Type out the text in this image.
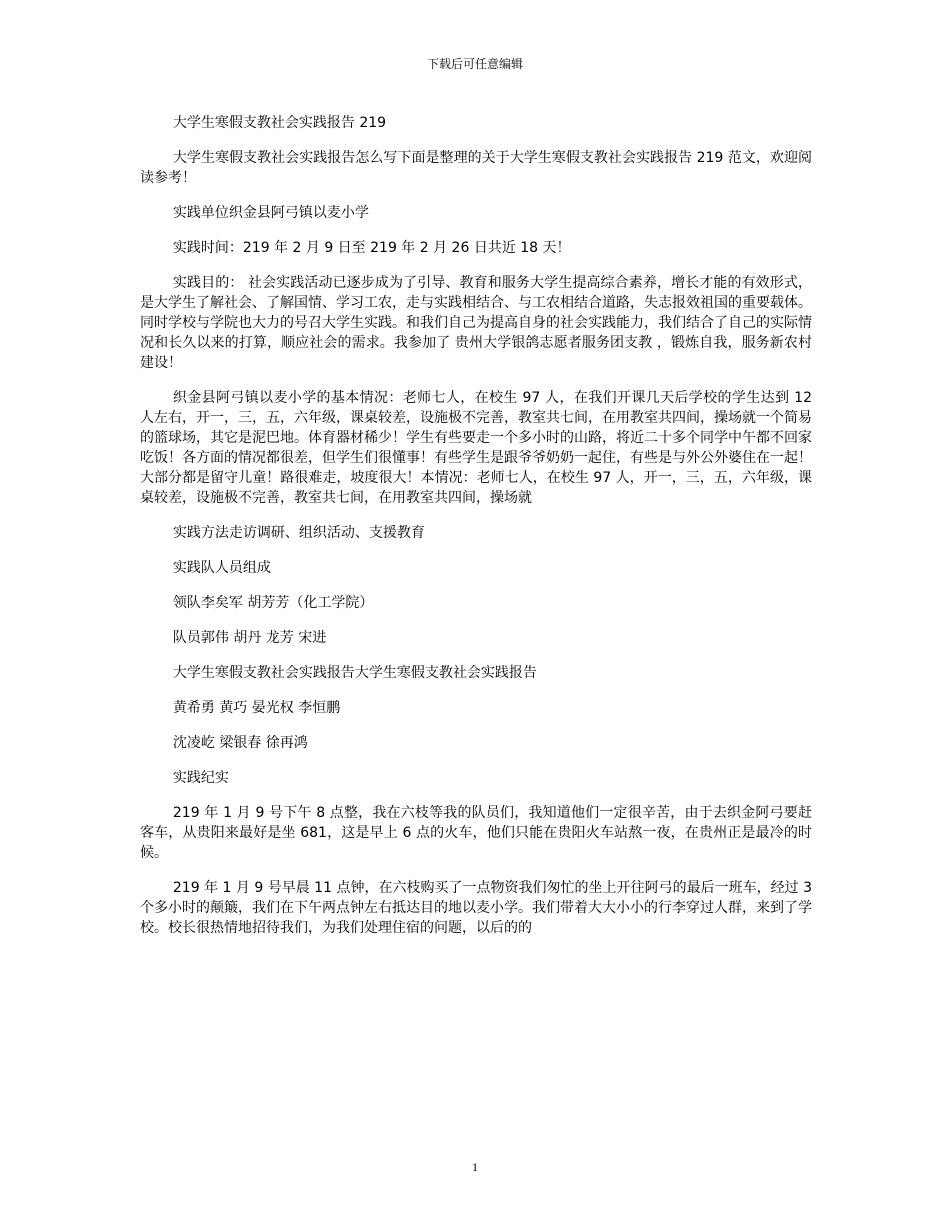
下载后可任意编辑

大学生寒假支教社会实践报告 219

大学生寒假支教社会实践报告怎么写下面是整理的关于大学生寒假支教社会实践报告 219 范文，欢迎阅读参考！

实践单位织金县阿弓镇以麦小学

实践时间：219 年 2 月 9 日至 219 年 2 月 26 日共近 18 天！

实践目的： 社会实践活动已逐步成为了引导、教育和服务大学生提高综合素养，增长才能的有效形式，是大学生了解社会、了解国情、学习工农，走与实践相结合、与工农相结合道路，失志报效祖国的重要载体。同时学校与学院也大力的号召大学生实践。和我们自己为提高自身的社会实践能力，我们结合了自己的实际情况和长久以来的打算，顺应社会的需求。我参加了 贵州大学银鸽志愿者服务团支教 ，锻炼自我，服务新农村建设！

织金县阿弓镇以麦小学的基本情况：老师七人，在校生 97 人，在我们开课几天后学校的学生达到 12 人左右，开一，三，五，六年级，课桌较差，设施极不完善，教室共七间，在用教室共四间，操场就一个简易的篮球场，其它是泥巴地。体育器材稀少！学生有些要走一个多小时的山路，将近二十多个同学中午都不回家吃饭！各方面的情况都很差，但学生们很懂事！有些学生是跟爷爷奶奶一起住，有些是与外公外婆住在一起！大部分都是留守儿童！路很难走，坡度很大！本情况：老师七人，在校生 97 人，开一，三，五，六年级，课桌较差，设施极不完善，教室共七间，在用教室共四间，操场就

实践方法走访调研、组织活动、支援教育

实践队人员组成

领队李矣军 胡芳芳（化工学院）

队员郭伟 胡丹 龙芳 宋进

大学生寒假支教社会实践报告大学生寒假支教社会实践报告

黄希勇 黄巧 晏光权 李恒鹏

沈凌屹 梁银春 徐再鸿

实践纪实

219 年 1 月 9 号下午 8 点整，我在六枝等我的队员们，我知道他们一定很辛苦，由于去织金阿弓要赶客车，从贵阳来最好是坐 681，这是早上 6 点的火车，他们只能在贵阳火车站熬一夜，在贵州正是最冷的时候。

219 年 1 月 9 号早晨 11 点钟，在六枝购买了一点物资我们匆忙的坐上开往阿弓的最后一班车，经过 3 个多小时的颠簸，我们在下午两点钟左右抵达目的地以麦小学。我们带着大大小小的行李穿过人群，来到了学校。校长很热情地招待我们，为我们处理住宿的问题，以后的的

1
